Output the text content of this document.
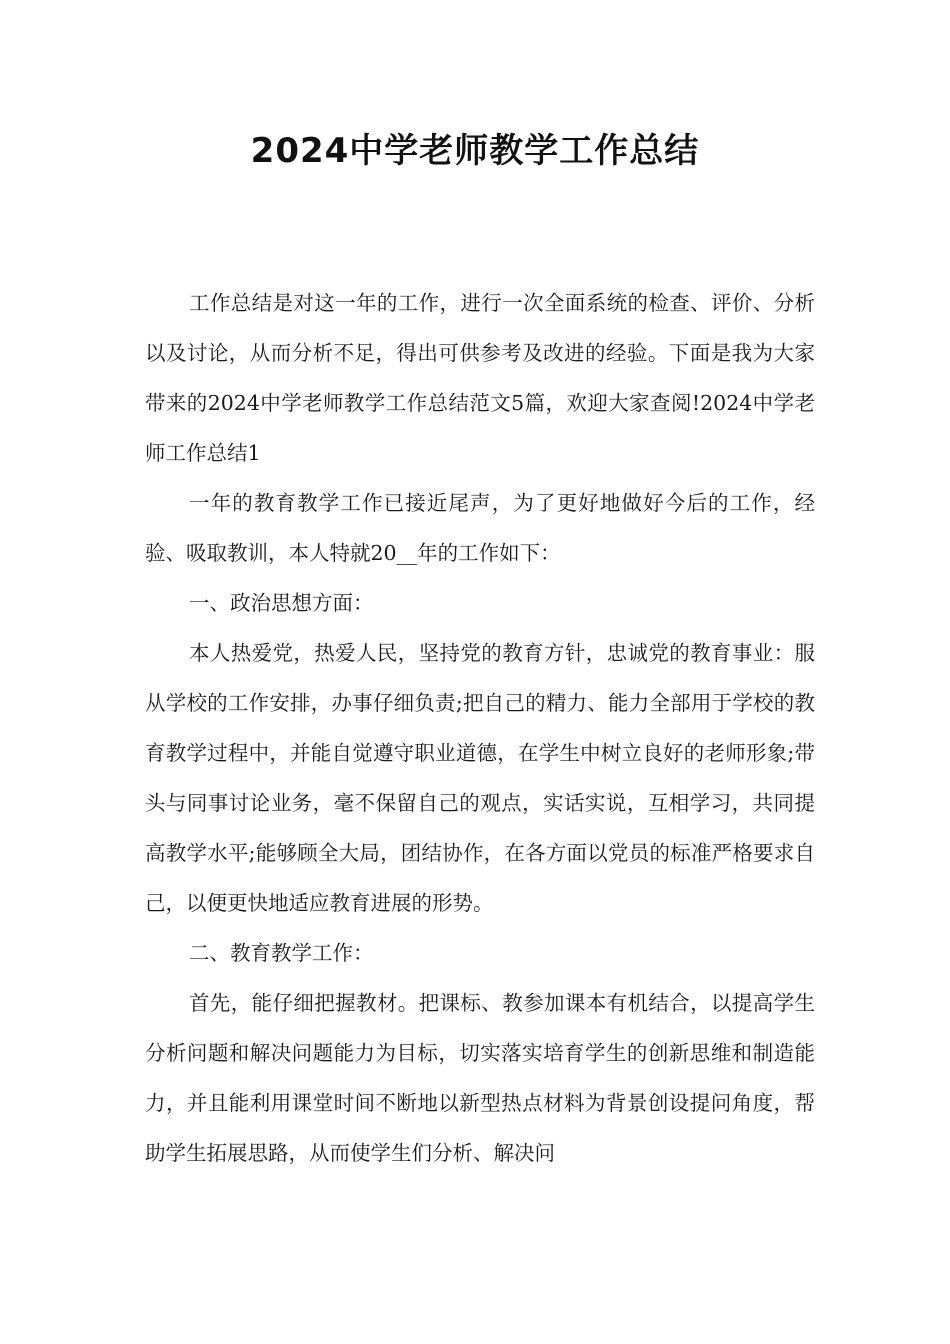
2024中学老师教学工作总结

工作总结是对这一年的工作，进行一次全面系统的检查、评价、分析以及讨论，从而分析不足，得出可供参考及改进的经验。下面是我为大家带来的2024中学老师教学工作总结范文5篇，欢迎大家查阅!2024中学老师工作总结1

一年的教育教学工作已接近尾声，为了更好地做好今后的工作，经验、吸取教训，本人特就20__年的工作如下：

一、政治思想方面：

本人热爱党，热爱人民，坚持党的教育方针，忠诚党的教育事业：服从学校的工作安排，办事仔细负责;把自己的精力、能力全部用于学校的教育教学过程中，并能自觉遵守职业道德，在学生中树立良好的老师形象;带头与同事讨论业务，毫不保留自己的观点，实话实说，互相学习，共同提高教学水平;能够顾全大局，团结协作，在各方面以党员的标准严格要求自己，以便更快地适应教育进展的形势。

二、教育教学工作：

首先，能仔细把握教材。把课标、教参加课本有机结合，以提高学生分析问题和解决问题能力为目标，切实落实培育学生的创新思维和制造能力，并且能利用课堂时间不断地以新型热点材料为背景创设提问角度，帮助学生拓展思路，从而使学生们分析、解决问
